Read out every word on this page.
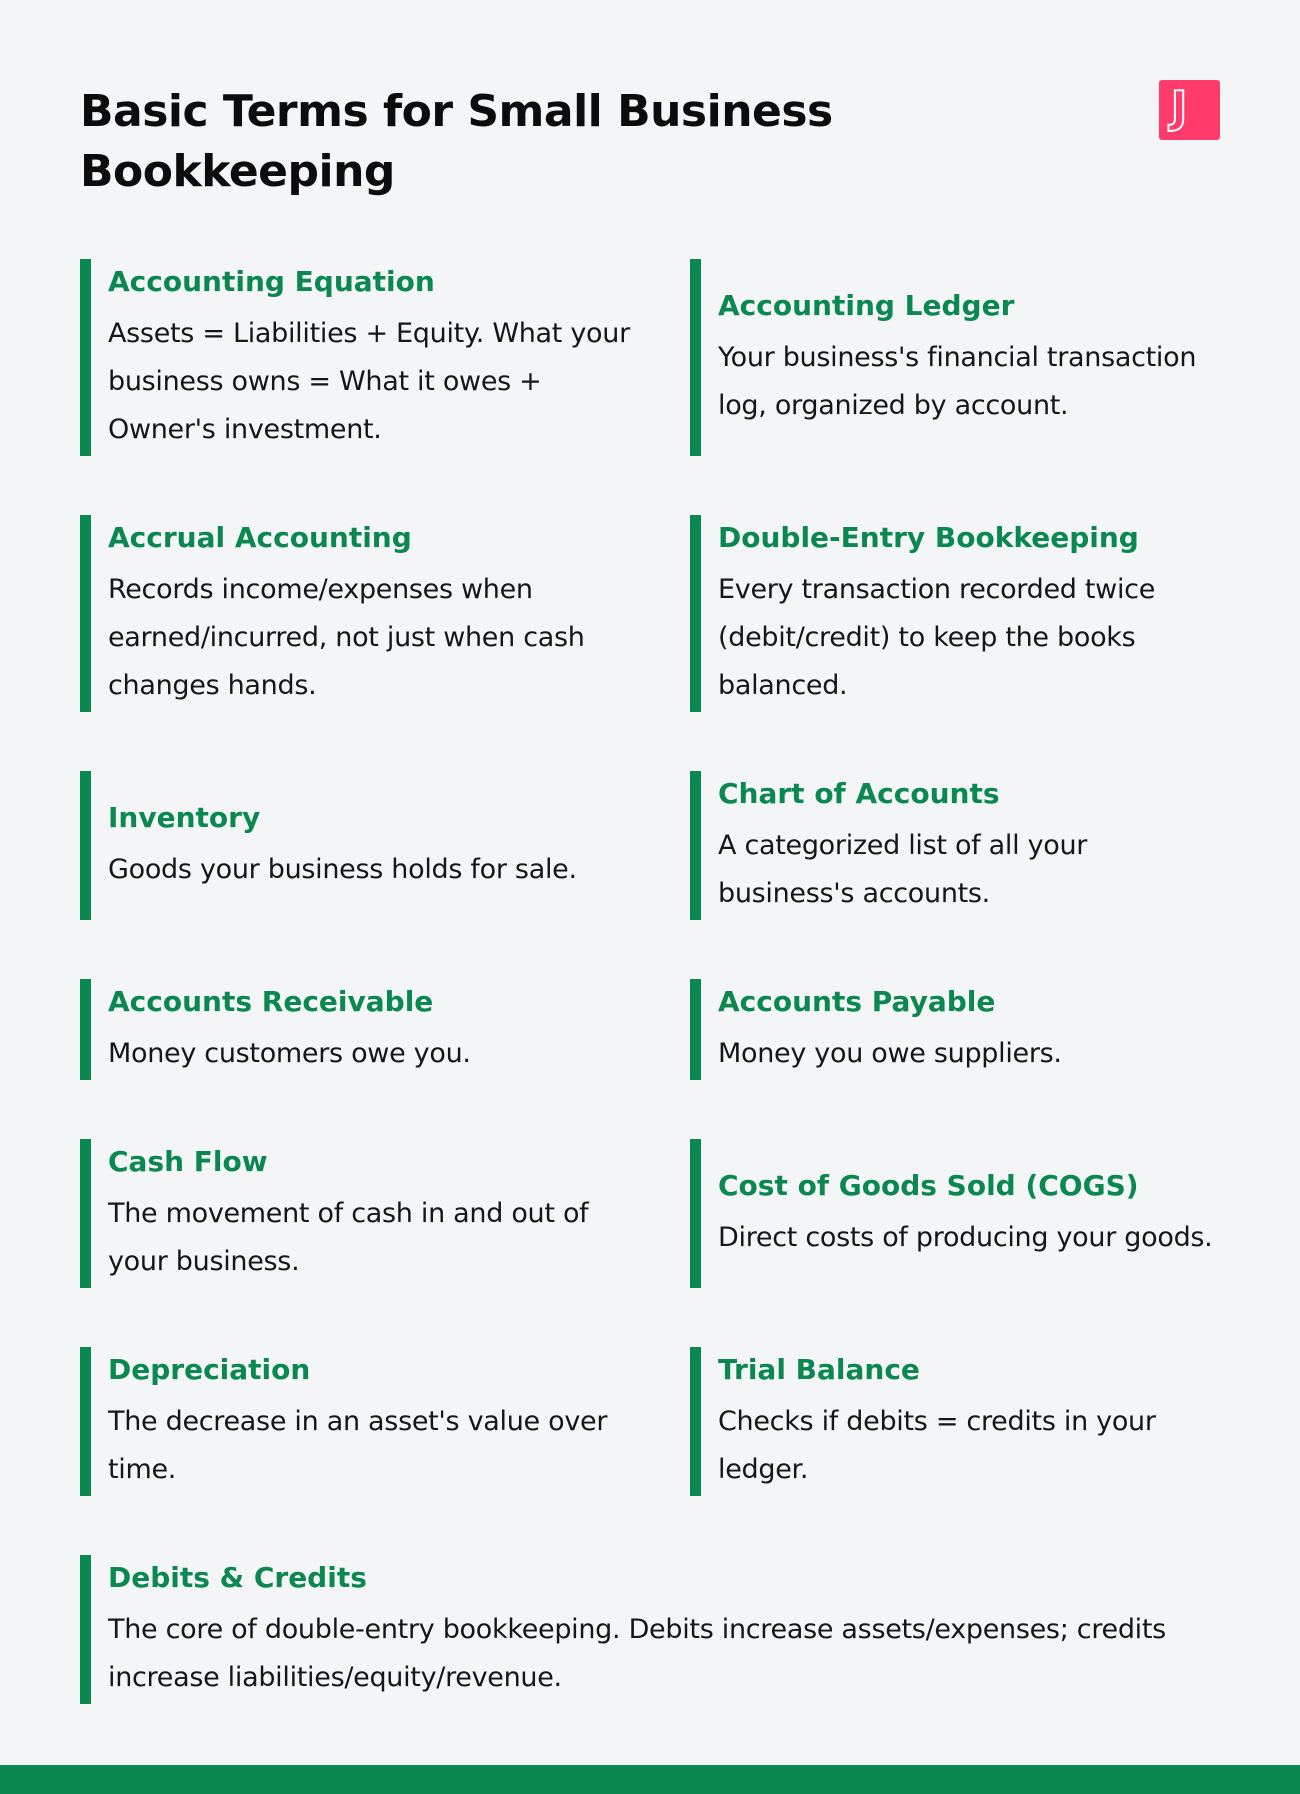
Basic Terms for Small Business Bookkeeping
J
Accounting Equation
Assets = Liabilities + Equity. What your business owns = What it owes + Owner's investment.
Accounting Ledger
Your business's financial transaction log, organized by account.
Accrual Accounting
Records income/expenses when earned/incurred, not just when cash changes hands.
Double-Entry Bookkeeping
Every transaction recorded twice (debit/credit) to keep the books balanced.
Inventory
Goods your business holds for sale.
Chart of Accounts
A categorized list of all your business's accounts.
Accounts Receivable
Money customers owe you.
Accounts Payable
Money you owe suppliers.
Cash Flow
The movement of cash in and out of your business.
Cost of Goods Sold (COGS)
Direct costs of producing your goods.
Depreciation
The decrease in an asset's value over time.
Trial Balance
Checks if debits = credits in your ledger.
Debits & Credits
The core of double-entry bookkeeping. Debits increase assets/expenses; credits increase liabilities/equity/revenue.
